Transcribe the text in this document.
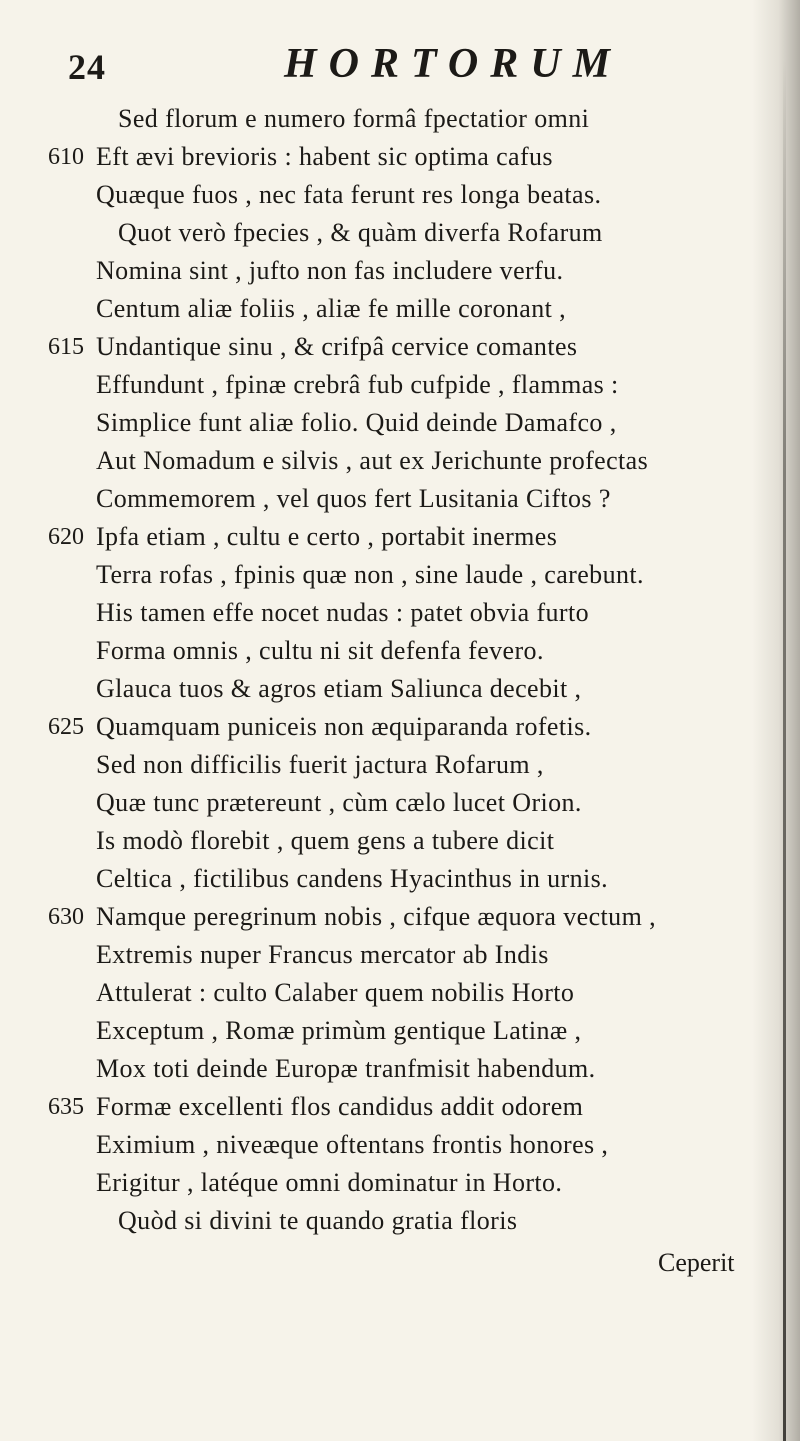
24	HORTORUM
Sed florum e numero formâ fpectatior omni
610 Eft ævi brevioris : habent sic optima cafus
Quæque fuos , nec fata ferunt res longa beatas.
Quot verò fpecies , & quàm diverfa Rofarum
Nomina sint , jufto non fas includere verfu.
Centum aliæ foliis , aliæ fe mille coronant ,
615 Undantique sinu , & crifpâ cervice comantes
Effundunt , fpinæ crebrâ fub cufpide , flammas :
Simplice funt aliæ folio. Quid deinde Damafco ,
Aut Nomadum e silvis , aut ex Jerichunte profectas
Commemorem , vel quos fert Lusitania Ciftos ?
620 Ipfa etiam , cultu e certo , portabit inermes
Terra rofas , fpinis quæ non , sine laude , carebunt.
His tamen effe nocet nudas : patet obvia furto
Forma omnis , cultu ni sit defenfa fevero.
Glauca tuos & agros etiam Saliunca decebit ,
625 Quamquam puniceis non æquiparanda rofetis.
Sed non difficilis fuerit jactura Rofarum ,
Quæ tunc prætereunt , cùm cælo lucet Orion.
Is modò florebit , quem gens a tubere dicit
Celtica , fictilibus candens Hyacinthus in urnis.
630 Namque peregrinum nobis , cifque æquora vectum ,
Extremis nuper Francus mercator ab Indis
Attulerat : culto Calaber quem nobilis Horto
Exceptum , Romæ primùm gentique Latinæ ,
Mox toti deinde Europæ tranfmisit habendum.
635 Formæ excellenti flos candidus addit odorem
Eximium , niveæque oftentans frontis honores ,
Erigitur , latéque omni dominatur in Horto.
Quòd si divini te quando gratia floris
Ceperit
